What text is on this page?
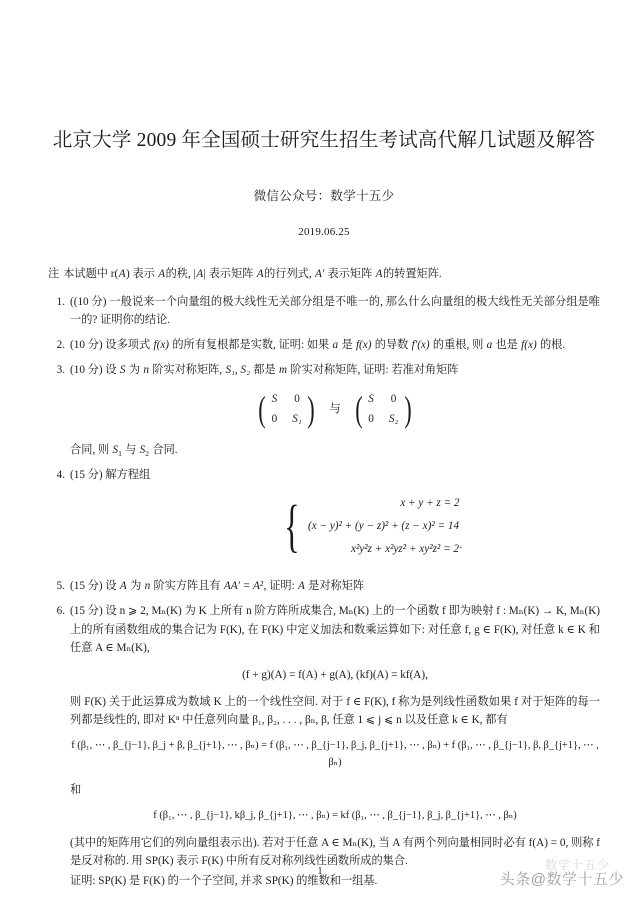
北京大学 2009 年全国硕士研究生招生考试高代解几试题及解答
微信公众号：数学十五少
2019.06.25
注 本试题中 r(A) 表示 A的秩, |A| 表示矩阵 A的行列式, A′ 表示矩阵 A的转置矩阵.
1. ((10 分) 一般说来一个向量组的极大线性无关部分组是不唯一的, 那么什么向量组的极大线性无关部分组是唯一的? 证明你的结论.
2. (10 分) 设多项式 f(x) 的所有复根都是实数, 证明: 如果 a 是 f(x) 的导数 f′(x) 的重根, 则 a 也是 f(x) 的根.
3. (10 分) 设 S 为 n 阶实对称矩阵, S₁, S₂ 都是 m 阶实对称矩阵, 证明: 若准对角矩阵
( S 0
0 S₁ ) 与 ( S 0
0 S₂ )
合同, 则 $S_1$ 与 $S_2$ 合同.
4. (15 分) 解方程组
{	x + y + z = 2
(x − y)² + (y − z)² + (z − x)² = 14
x²y²z + x²yz² + xy²z² = 2 .
5. (15 分) 设 A 为 n 阶实方阵且有 AA′ = A², 证明: A 是对称矩阵
6. (15 分) 设 n ⩾ 2, Mₙ(K) 为 K 上所有 n 阶方阵所成集合, Mₙ(K) 上的一个函数 f 即为映射 f : Mₙ(K) → K, Mₙ(K) 上的所有函数组成的集合记为 F(K), 在 F(K) 中定义加法和数乘运算如下: 对任意 f, g ∈ F(K), 对任意 k ∈ K 和任意 A ∈ Mₙ(K),
(f + g)(A) = f(A) + g(A), (kf)(A) = kf(A),
则 F(K) 关于此运算成为数域 K 上的一个线性空间. 对于 f ∈ F(K), f 称为是列线性函数如果 f 对于矩阵的每一列都是线性的, 即对 Kⁿ 中任意列向量 β₁, β₂, . . . , βₙ, β, 任意 1 ⩽ j ⩽ n 以及任意 k ∈ K, 都有
f (β₁, ⋯ , β_{j−1}, β_j + β, β_{j+1}, ⋯ , βₙ) = f (β₁, ⋯ , β_{j−1}, β_j, β_{j+1}, ⋯ , βₙ) + f (β₁, ⋯ , β_{j−1}, β, β_{j+1}, ⋯ , βₙ)
和
f (β₁, ⋯ , β_{j−1}, kβ_j, β_{j+1}, ⋯ , βₙ) = kf (β₁, ⋯ , β_{j−1}, β_j, β_{j+1}, ⋯ , βₙ)
(其中的矩阵用它们的列向量组表示出). 若对于任意 A ∈ Mₙ(K), 当 A 有两个列向量相同时必有 f(A) = 0, 则称 f 是反对称的. 用 SP(K) 表示 F(K) 中所有反对称列线性函数所成的集合.
证明: SP(K) 是 F(K) 的一个子空间, 并求 SP(K) 的维数和一组基.
1	数学十五少
头条@数学十五少
